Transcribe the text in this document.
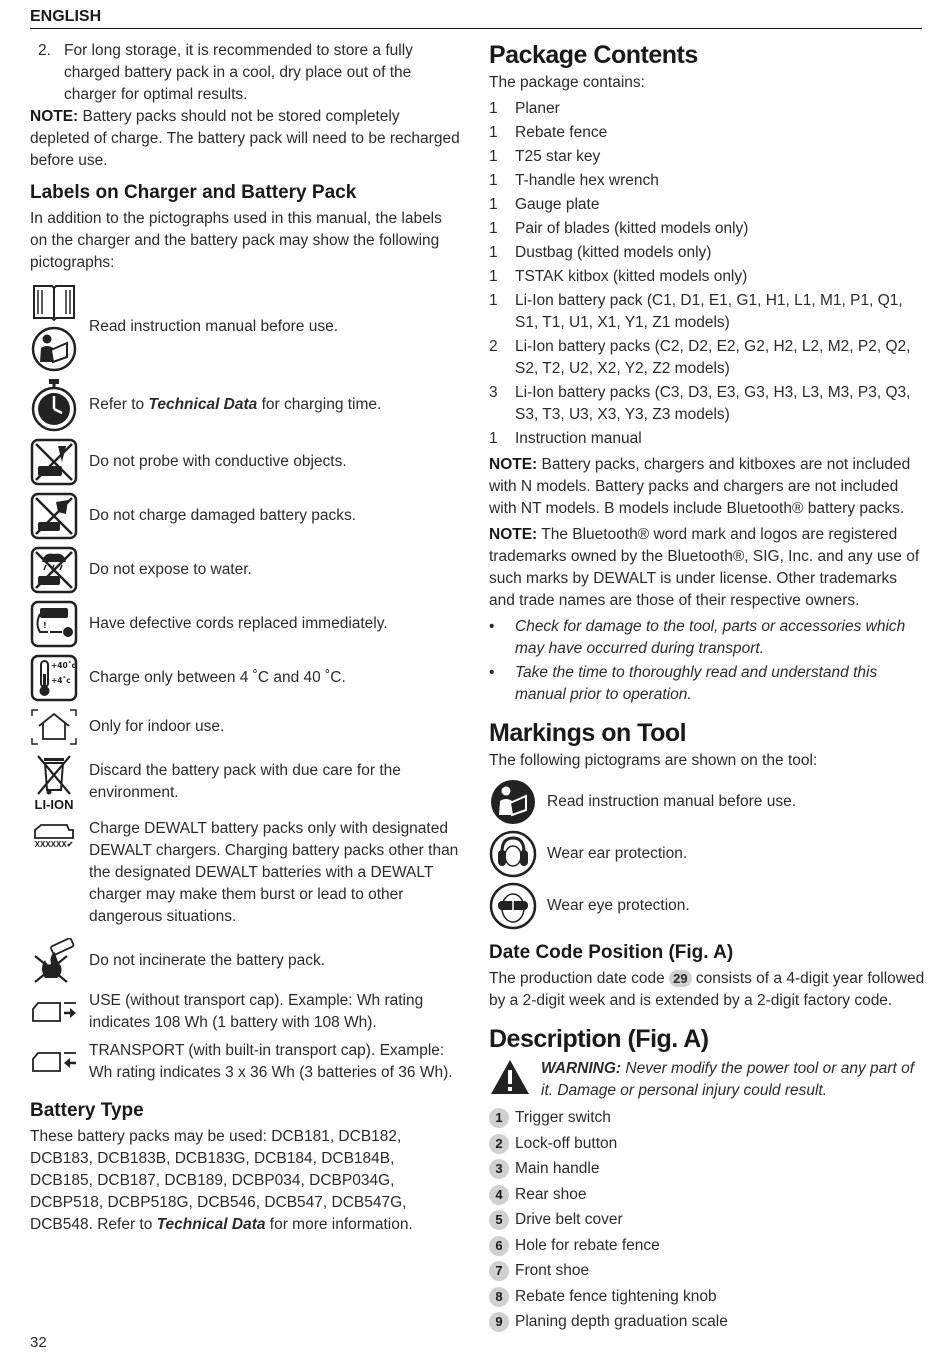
ENGLISH
2. For long storage, it is recommended to store a fully charged battery pack in a cool, dry place out of the charger for optimal results.

NOTE: Battery packs should not be stored completely depleted of charge. The battery pack will need to be recharged before use.

Labels on Charger and Battery Pack

In addition to the pictographs used in this manual, the labels on the charger and the battery pack may show the following pictographs:

Read instruction manual before use.
Refer to Technical Data for charging time.
Do not probe with conductive objects.
Do not charge damaged battery packs.
Do not expose to water.
!	Have defective cords replaced immediately.
+40˚c
+4˚c Charge only between 4 ˚C and 40 ˚C.
Only for indoor use.
LI-ION
Discard the battery pack with due care for the environment.
XXXXXX✔
Charge DEWALT battery packs only with designated DEWALT chargers. Charging battery packs other than the designated DEWALT batteries with a DEWALT charger may make them burst or lead to other dangerous situations.
Do not incinerate the battery pack.
USE (without transport cap). Example: Wh rating indicates 108 Wh (1 battery with 108 Wh).
TRANSPORT (with built-in transport cap). Example: Wh rating indicates 3 x 36 Wh (3 batteries of 36 Wh).
Battery Type

These battery packs may be used: DCB181, DCB182, DCB183, DCB183B, DCB183G, DCB184, DCB184B, DCB185, DCB187, DCB189, DCBP034, DCBP034G, DCBP518, DCBP518G, DCB546, DCB547, DCB547G, DCB548. Refer to Technical Data for more information.

Package Contents

The package contains:

1	Planer
1	Rebate fence
1	T25 star key
1	T-handle hex wrench
1	Gauge plate
1	Pair of blades (kitted models only)
1	Dustbag (kitted models only)
1	TSTAK kitbox (kitted models only)
1	Li-Ion battery pack (C1, D1, E1, G1, H1, L1, M1, P1, Q1, S1, T1, U1, X1, Y1, Z1 models)
2	Li-Ion battery packs (C2, D2, E2, G2, H2, L2, M2, P2, Q2, S2, T2, U2, X2, Y2, Z2 models)
3	Li-Ion battery packs (C3, D3, E3, G3, H3, L3, M3, P3, Q3, S3, T3, U3, X3, Y3, Z3 models)
1	Instruction manual

NOTE: Battery packs, chargers and kitboxes are not included with N models. Battery packs and chargers are not included with NT models. B models include Bluetooth® battery packs.

NOTE: The Bluetooth® word mark and logos are registered trademarks owned by the Bluetooth®, SIG, Inc. and any use of such marks by DEWALT is under license. Other trademarks and trade names are those of their respective owners.

•	Check for damage to the tool, parts or accessories which may have occurred during transport.
•	Take the time to thoroughly read and understand this manual prior to operation.
Markings on Tool

The following pictograms are shown on the tool:

Read instruction manual before use.
Wear ear protection.
Wear eye protection.
Date Code Position (Fig. A)

The production date code 29 consists of a 4-digit year followed by a 2-digit week and is extended by a 2-digit factory code.

Description (Fig. A)
WARNING: Never modify the power tool or any part of it. Damage or personal injury could result.
1 Trigger switch
2 Lock-off button
3 Main handle
4 Rear shoe
5 Drive belt cover
6 Hole for rebate fence
7 Front shoe
8 Rebate fence tightening knob
9 Planing depth graduation scale
32
